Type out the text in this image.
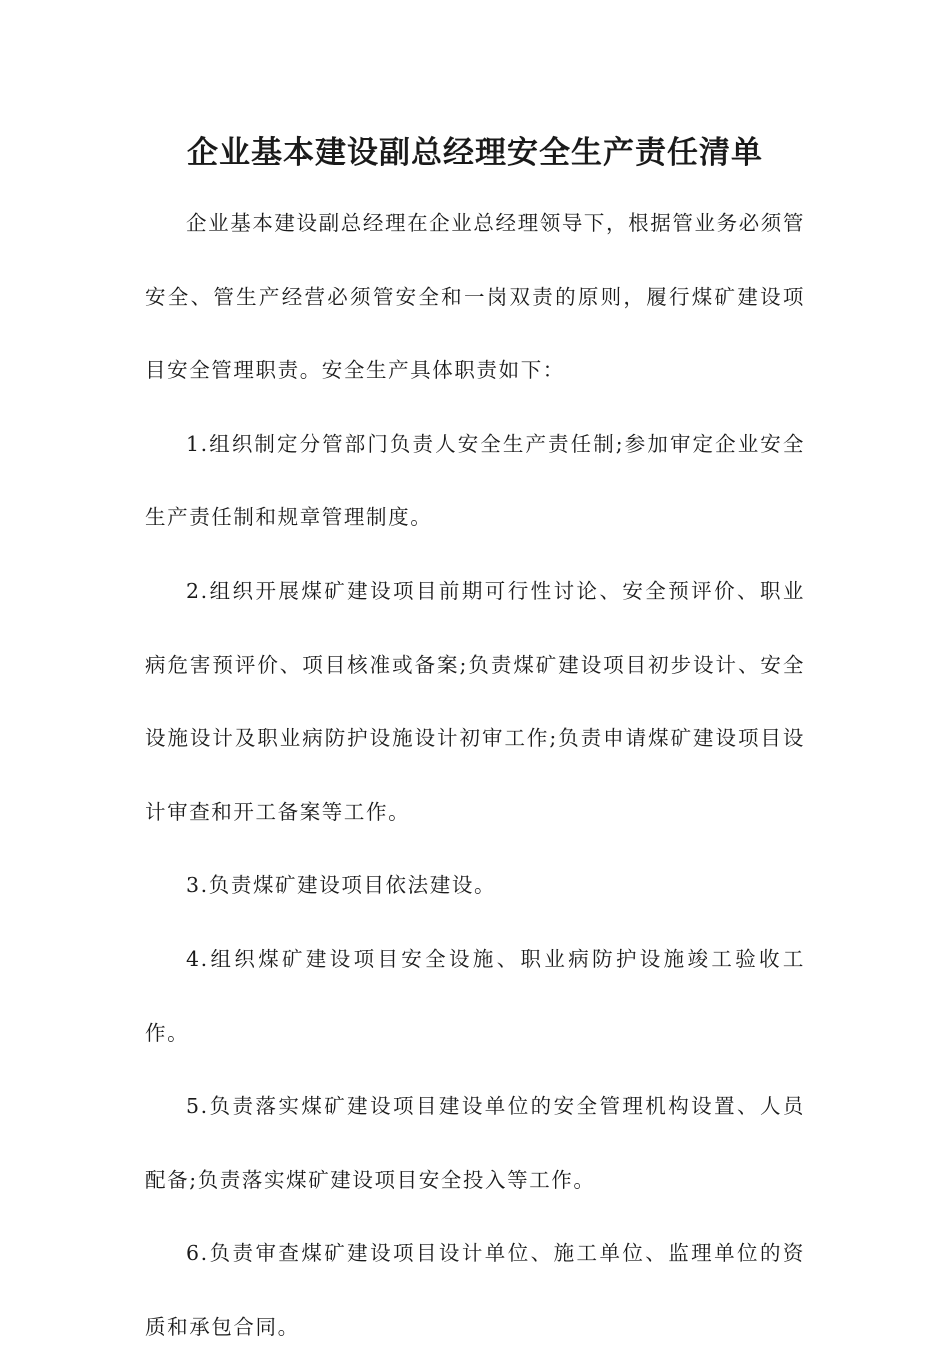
企业基本建设副总经理安全生产责任清单

企业基本建设副总经理在企业总经理领导下，根据管业务必须管安全、管生产经营必须管安全和一岗双责的原则，履行煤矿建设项目安全管理职责。安全生产具体职责如下：

1.组织制定分管部门负责人安全生产责任制;参加审定企业安全生产责任制和规章管理制度。

2.组织开展煤矿建设项目前期可行性讨论、安全预评价、职业病危害预评价、项目核准或备案;负责煤矿建设项目初步设计、安全设施设计及职业病防护设施设计初审工作;负责申请煤矿建设项目设计审查和开工备案等工作。

3.负责煤矿建设项目依法建设。

4.组织煤矿建设项目安全设施、职业病防护设施竣工验收工作。

5.负责落实煤矿建设项目建设单位的安全管理机构设置、人员配备;负责落实煤矿建设项目安全投入等工作。

6.负责审查煤矿建设项目设计单位、施工单位、监理单位的资质和承包合同。
